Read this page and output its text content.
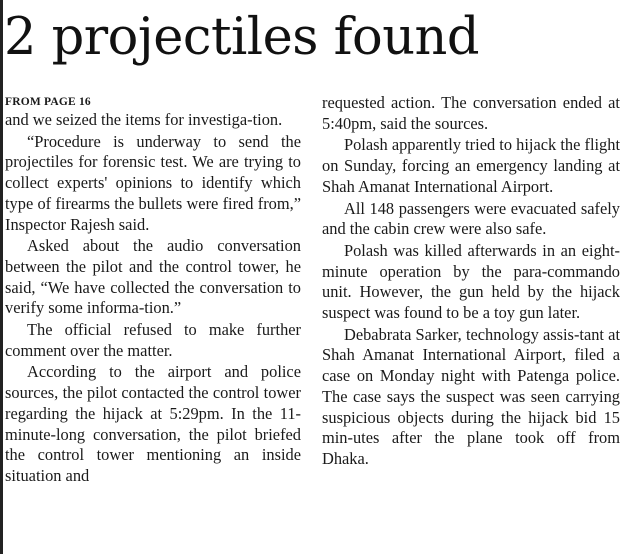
2 projectiles found

FROM PAGE 16

and we seized the items for investiga-tion.

“Procedure is underway to send the projectiles for forensic test. We are trying to collect experts' opinions to identify which type of firearms the bullets were fired from,” Inspector Rajesh said.

Asked about the audio conversation between the pilot and the control tower, he said, “We have collected the conversation to verify some informa-tion.”

The official refused to make further comment over the matter.

According to the airport and police sources, the pilot contacted the control tower regarding the hijack at 5:29pm. In the 11-minute-long conversation, the pilot briefed the control tower mentioning an inside situation and

requested action. The conversation ended at 5:40pm, said the sources.

Polash apparently tried to hijack the flight on Sunday, forcing an emergency landing at Shah Amanat International Airport.

All 148 passengers were evacuated safely and the cabin crew were also safe.

Polash was killed afterwards in an eight-minute operation by the para-commando unit. However, the gun held by the hijack suspect was found to be a toy gun later.

Debabrata Sarker, technology assis-tant at Shah Amanat International Airport, filed a case on Monday night with Patenga police. The case says the suspect was seen carrying suspicious objects during the hijack bid 15 min-utes after the plane took off from Dhaka.
